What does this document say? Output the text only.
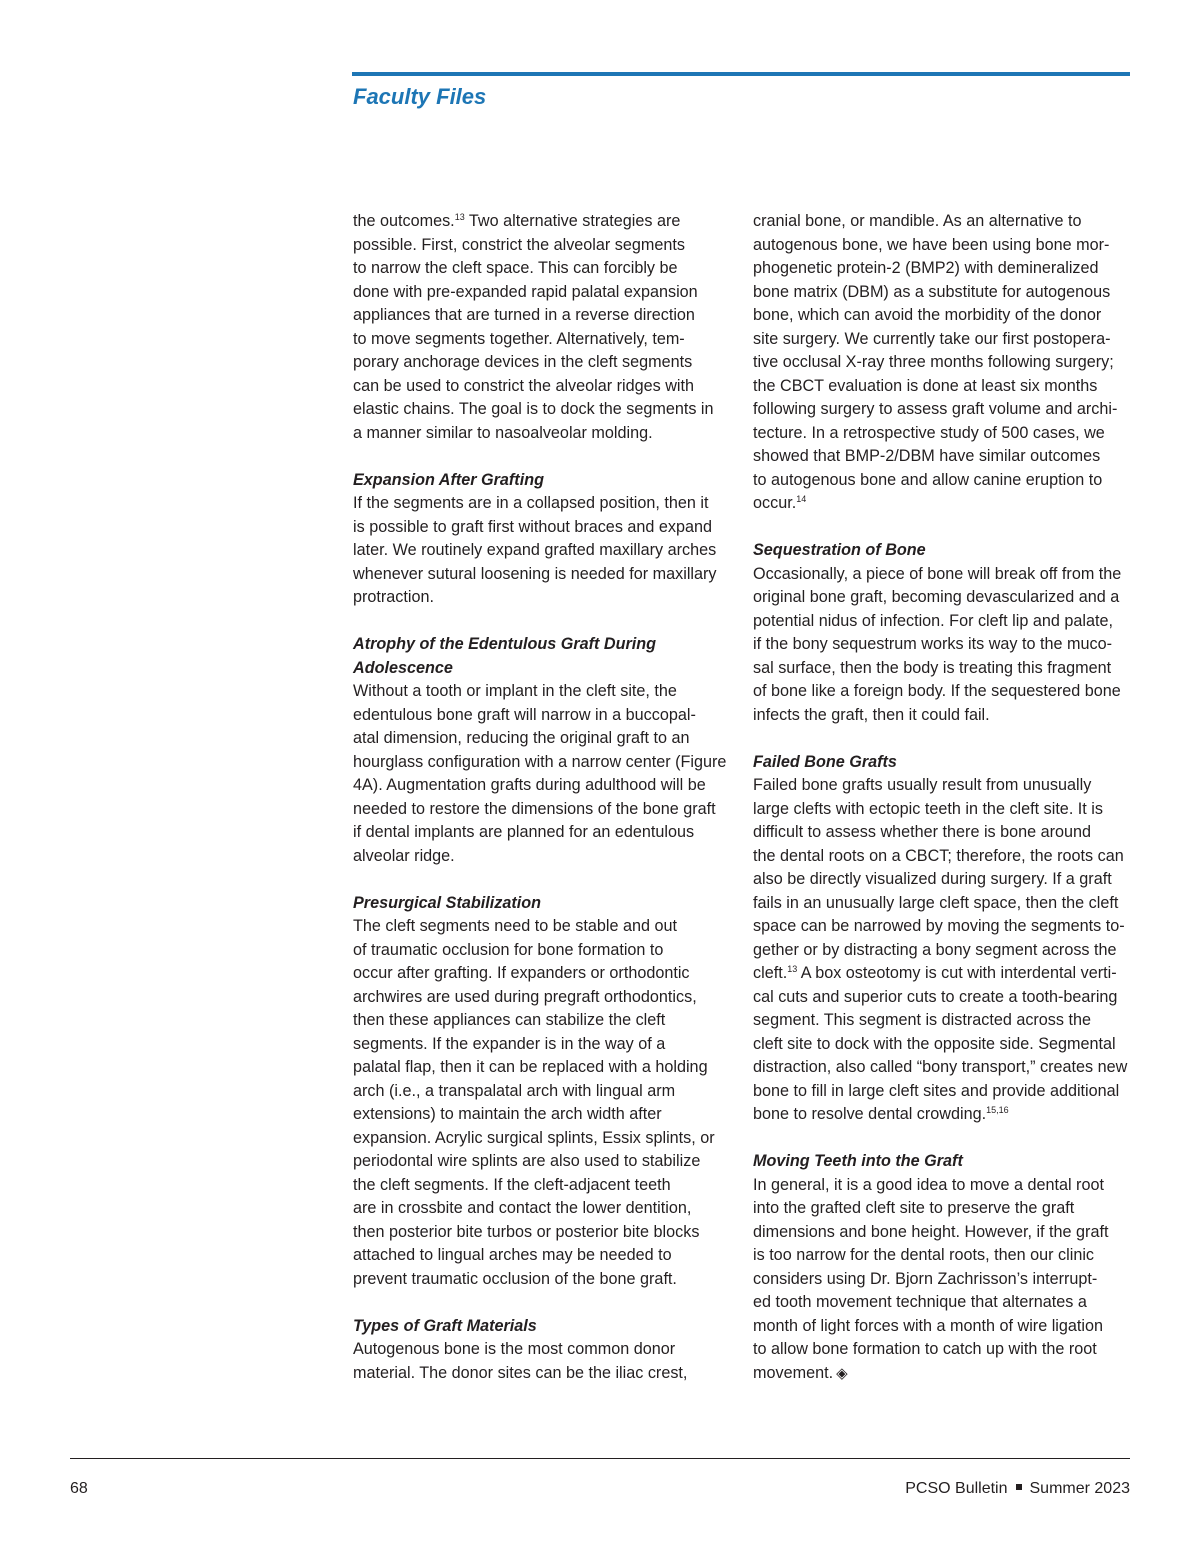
Faculty Files

the outcomes.$^{13}$ Two alternative strategies are
possible. First, constrict the alveolar segments
to narrow the cleft space. This can forcibly be
done with pre-expanded rapid palatal expansion
appliances that are turned in a reverse direction
to move segments together. Alternatively, tem-
porary anchorage devices in the cleft segments
can be used to constrict the alveolar ridges with
elastic chains. The goal is to dock the segments in
a manner similar to nasoalveolar molding.

Expansion After Grafting

If the segments are in a collapsed position, then it
is possible to graft first without braces and expand
later. We routinely expand grafted maxillary arches
whenever sutural loosening is needed for maxillary
protraction.

Atrophy of the Edentulous Graft During
Adolescence

Without a tooth or implant in the cleft site, the
edentulous bone graft will narrow in a buccopal-
atal dimension, reducing the original graft to an
hourglass configuration with a narrow center (Figure
4A). Augmentation grafts during adulthood will be
needed to restore the dimensions of the bone graft
if dental implants are planned for an edentulous
alveolar ridge.

Presurgical Stabilization

The cleft segments need to be stable and out
of traumatic occlusion for bone formation to
occur after grafting. If expanders or orthodontic
archwires are used during pregraft orthodontics,
then these appliances can stabilize the cleft
segments. If the expander is in the way of a
palatal flap, then it can be replaced with a holding
arch (i.e., a transpalatal arch with lingual arm
extensions) to maintain the arch width after
expansion. Acrylic surgical splints, Essix splints, or
periodontal wire splints are also used to stabilize
the cleft segments. If the cleft-adjacent teeth
are in crossbite and contact the lower dentition,
then posterior bite turbos or posterior bite blocks
attached to lingual arches may be needed to
prevent traumatic occlusion of the bone graft.

Types of Graft Materials

Autogenous bone is the most common donor
material. The donor sites can be the iliac crest,

cranial bone, or mandible. As an alternative to
autogenous bone, we have been using bone mor-
phogenetic protein-2 (BMP2) with demineralized
bone matrix (DBM) as a substitute for autogenous
bone, which can avoid the morbidity of the donor
site surgery. We currently take our first postopera-
tive occlusal X-ray three months following surgery;
the CBCT evaluation is done at least six months
following surgery to assess graft volume and archi-
tecture. In a retrospective study of 500 cases, we
showed that BMP-2/DBM have similar outcomes
to autogenous bone and allow canine eruption to
occur.$^{14}$

Sequestration of Bone

Occasionally, a piece of bone will break off from the
original bone graft, becoming devascularized and a
potential nidus of infection. For cleft lip and palate,
if the bony sequestrum works its way to the muco-
sal surface, then the body is treating this fragment
of bone like a foreign body. If the sequestered bone
infects the graft, then it could fail.

Failed Bone Grafts

Failed bone grafts usually result from unusually
large clefts with ectopic teeth in the cleft site. It is
difficult to assess whether there is bone around
the dental roots on a CBCT; therefore, the roots can
also be directly visualized during surgery. If a graft
fails in an unusually large cleft space, then the cleft
space can be narrowed by moving the segments to-
gether or by distracting a bony segment across the
cleft.$^{13}$ A box osteotomy is cut with interdental verti-
cal cuts and superior cuts to create a tooth-bearing
segment. This segment is distracted across the
cleft site to dock with the opposite side. Segmental
distraction, also called “bony transport,” creates new
bone to fill in large cleft sites and provide additional
bone to resolve dental crowding.$^{15,16}$

Moving Teeth into the Graft

In general, it is a good idea to move a dental root
into the grafted cleft site to preserve the graft
dimensions and bone height. However, if the graft
is too narrow for the dental roots, then our clinic
considers using Dr. Bjorn Zachrisson’s interrupt-
ed tooth movement technique that alternates a
month of light forces with a month of wire ligation
to allow bone formation to catch up with the root
movement. ◈

68	PCSO Bulletin Summer 2023
